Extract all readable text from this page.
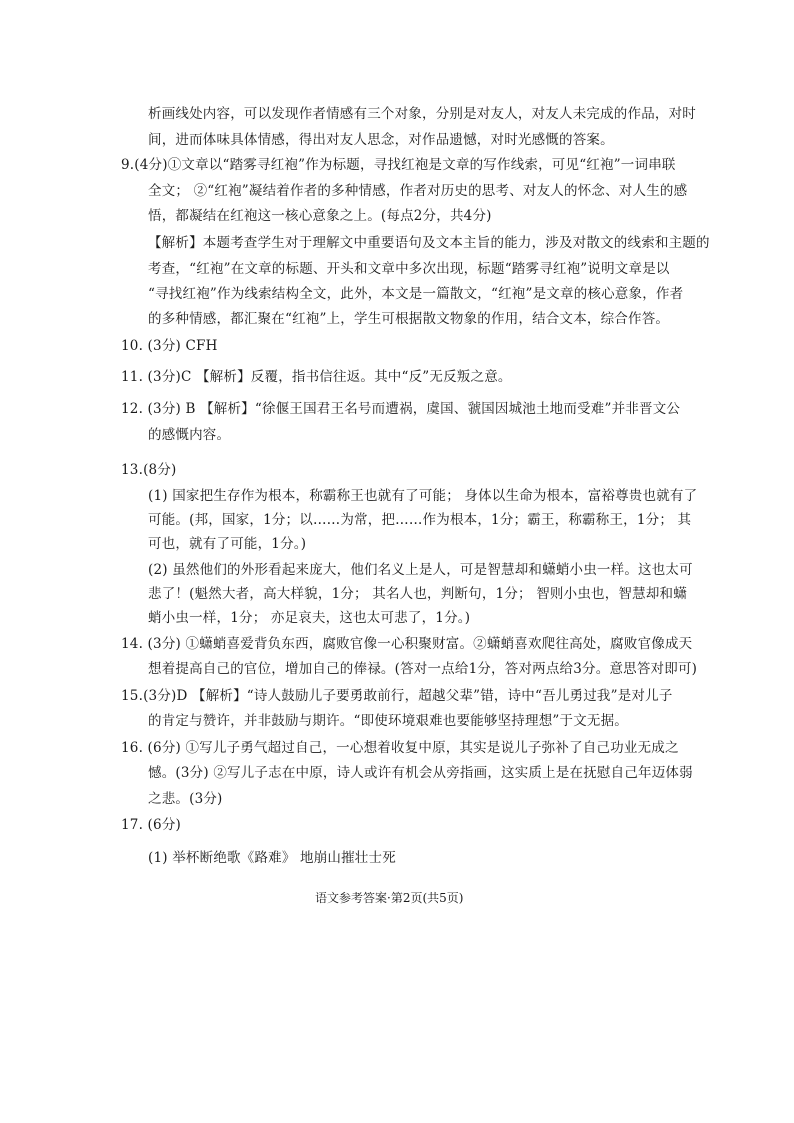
析画线处内容，可以发现作者情感有三个对象，分别是对友人，对友人未完成的作品，对时
间，进而体味具体情感，得出对友人思念，对作品遗憾，对时光感慨的答案。
9.(4分)①文章以“踏雾寻红袍”作为标题，寻找红袍是文章的写作线索，可见“红袍”一词串联
全文； ②“红袍”凝结着作者的多种情感，作者对历史的思考、对友人的怀念、对人生的感
悟，都凝结在红袍这一核心意象之上。(每点2分，共4分)
【解析】本题考查学生对于理解文中重要语句及文本主旨的能力，涉及对散文的线索和主题的
考查，“红袍”在文章的标题、开头和文章中多次出现，标题“踏雾寻红袍”说明文章是以
“寻找红袍”作为线索结构全文，此外，本文是一篇散文，“红袍”是文章的核心意象，作者
的多种情感，都汇聚在“红袍”上，学生可根据散文物象的作用，结合文本，综合作答。
10. (3分) CFH
11. (3分)C 【解析】反覆，指书信往返。其中“反”无反叛之意。
12. (3分) B 【解析】“徐偃王国君王名号而遭祸，虞国、虢国因城池土地而受难”并非晋文公
的感慨内容。
13.(8分)
(1) 国家把生存作为根本，称霸称王也就有了可能； 身体以生命为根本，富裕尊贵也就有了
可能。(邦，国家，1分；以……为常，把……作为根本，1分；霸王，称霸称王，1分； 其
可也，就有了可能，1分。)
(2) 虽然他们的外形看起来庞大，他们名义上是人，可是智慧却和蟏蛸小虫一样。这也太可
悲了！(魁然大者，高大样貌，1分； 其名人也，判断句，1分； 智则小虫也，智慧却和蟏
蛸小虫一样，1分； 亦足哀夫，这也太可悲了，1分。)
14. (3分) ①蟏蛸喜爱背负东西，腐败官像一心积聚财富。②蟏蛸喜欢爬往高处，腐败官像成天
想着提高自己的官位，增加自己的俸禄。(答对一点给1分，答对两点给3分。意思答对即可)
15.(3分)D 【解析】“诗人鼓励儿子要勇敢前行，超越父辈”错，诗中“吾儿勇过我”是对儿子
的肯定与赞许，并非鼓励与期许。“即使环境艰难也要能够坚持理想”于文无据。
16. (6分) ①写儿子勇气超过自己，一心想着收复中原，其实是说儿子弥补了自己功业无成之
憾。(3分) ②写儿子志在中原，诗人或许有机会从旁指画，这实质上是在抚慰自己年迈体弱
之悲。(3分)
17. (6分)
(1) 举杯断绝歌《路难》 地崩山摧壮士死
语文参考答案·第2页(共5页)
